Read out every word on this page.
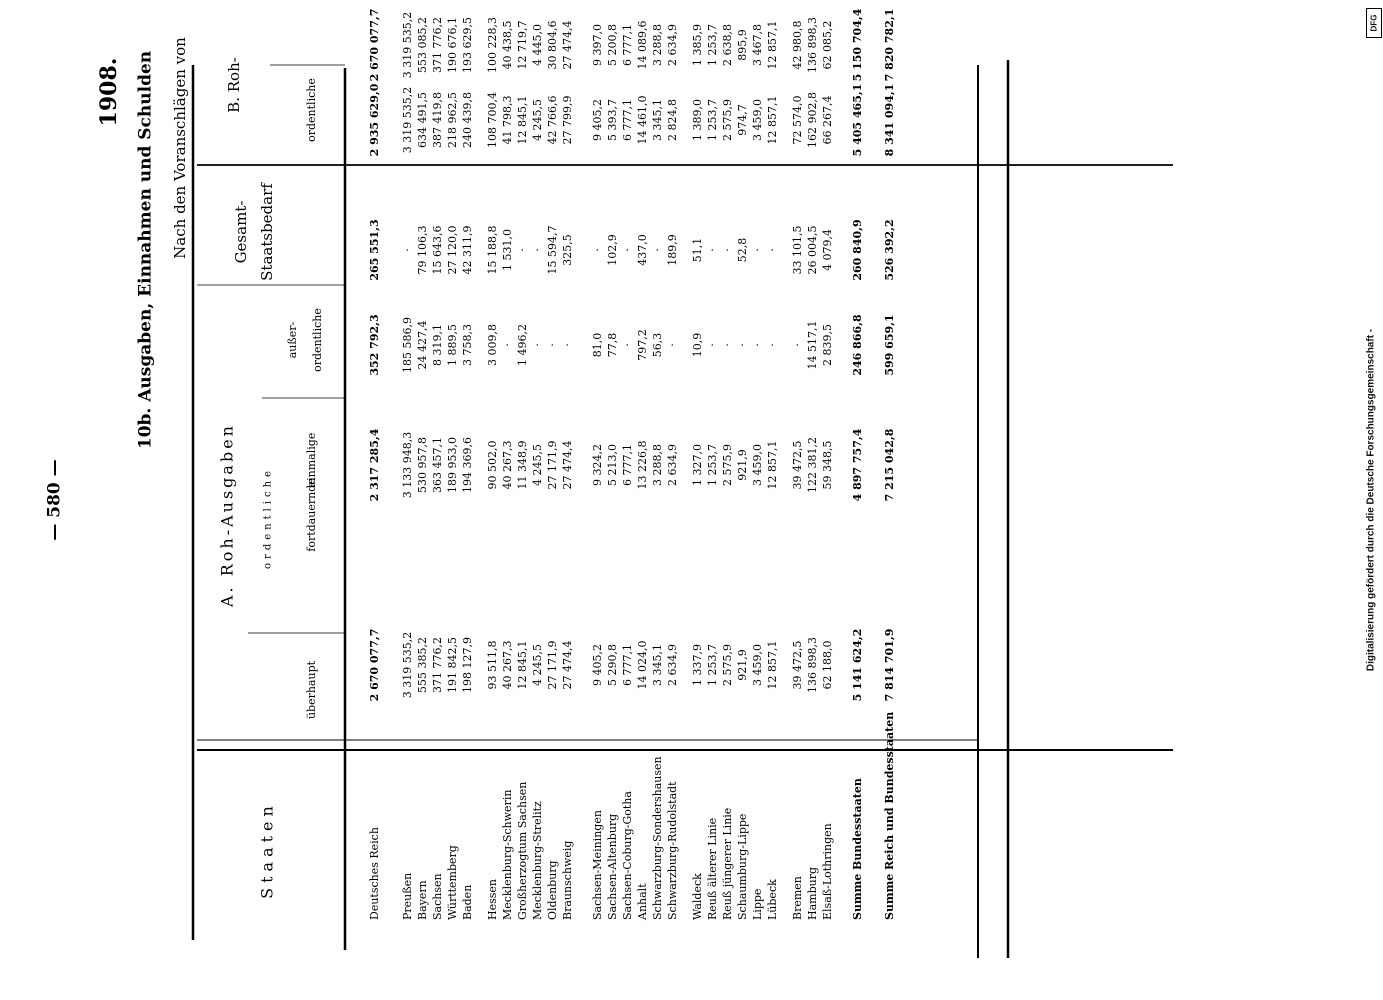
— 580 —
1908. 10b. Ausgaben, Einnahmen und Schulden Nach den Voranschlägen von
Staaten
A. Roh-Ausgaben	ordentliche
B. Roh-
Gesamt- Staatsbedarf
überhaupt
fortdauernde
einmalige
außer- ordentliche
ordentliche
Deutsches Reich
2 670 077,7
2 317 285,4
352 792,3
265 551,3
2 935 629,0
2 670 077,7
Preußen
3 319 535,2
3 133 948,3
185 586,9
·
3 319 535,2
3 319 535,2
Bayern
555 385,2
530 957,8
24 427,4
79 106,3
634 491,5
553 085,2
Sachsen
371 776,2
363 457,1
8 319,1
15 643,6
387 419,8
371 776,2
Württemberg
191 842,5
189 953,0
1 889,5
27 120,0
218 962,5
190 676,1
Baden
198 127,9
194 369,6
3 758,3
42 311,9
240 439,8
193 629,5
Hessen
93 511,8
90 502,0
3 009,8
15 188,8
108 700,4
100 228,3
Mecklenburg-Schwerin
40 267,3
40 267,3
·
1 531,0
41 798,3
40 438,5
Großherzogtum Sachsen
12 845,1
11 348,9
1 496,2
·
12 845,1
12 719,7
Mecklenburg-Strelitz
4 245,5
4 245,5
·
·
4 245,5
4 445,0
Oldenburg
27 171,9
27 171,9
·
15 594,7
42 766,6
30 804,6
Braunschweig
27 474,4
27 474,4
·
325,5
27 799,9
27 474,4
Sachsen-Meiningen
9 405,2
9 324,2
81,0
·
9 405,2
9 397,0
Sachsen-Altenburg
5 290,8
5 213,0
77,8
102,9
5 393,7
5 200,8
Sachsen-Coburg-Gotha
6 777,1
6 777,1
·
·
6 777,1
6 777,1
Anhalt
14 024,0
13 226,8
797,2
437,0
14 461,0
14 089,6
Schwarzburg-Sondershausen
3 345,1
3 288,8
56,3
·
3 345,1
3 288,8
Schwarzburg-Rudolstadt
2 634,9
2 634,9
·
189,9
2 824,8
2 634,9
Waldeck
1 337,9
1 327,0
10,9
51,1
1 389,0
1 385,9
Reuß älterer Linie
1 253,7
1 253,7
·
·
1 253,7
1 253,7
Reuß jüngerer Linie
2 575,9
2 575,9
·
·
2 575,9
2 638,8
Schaumburg-Lippe
921,9
921,9
·
52,8
974,7
895,9
Lippe
3 459,0
3 459,0
·
·
3 459,0
3 467,8
Lübeck
12 857,1
12 857,1
·
·
12 857,1
12 857,1
Bremen
39 472,5
39 472,5
·
33 101,5
72 574,0
42 980,8
Hamburg
136 898,3
122 381,2
14 517,1
26 004,5
162 902,8
136 898,3
Elsaß-Lothringen
62 188,0
59 348,5
2 839,5
4 079,4
66 267,4
62 085,2
Summe Bundesstaaten
5 141 624,2
4 897 757,4
246 866,8
260 840,9
5 405 465,1
5 150 704,4
Summe Reich und Bundesstaaten
7 814 701,9
7 215 042,8
599 659,1
526 392,2
8 341 094,1
7 820 782,1
Digitalisierung gefördert durch die Deutsche Forschungsgemeinschaft -
DFG
